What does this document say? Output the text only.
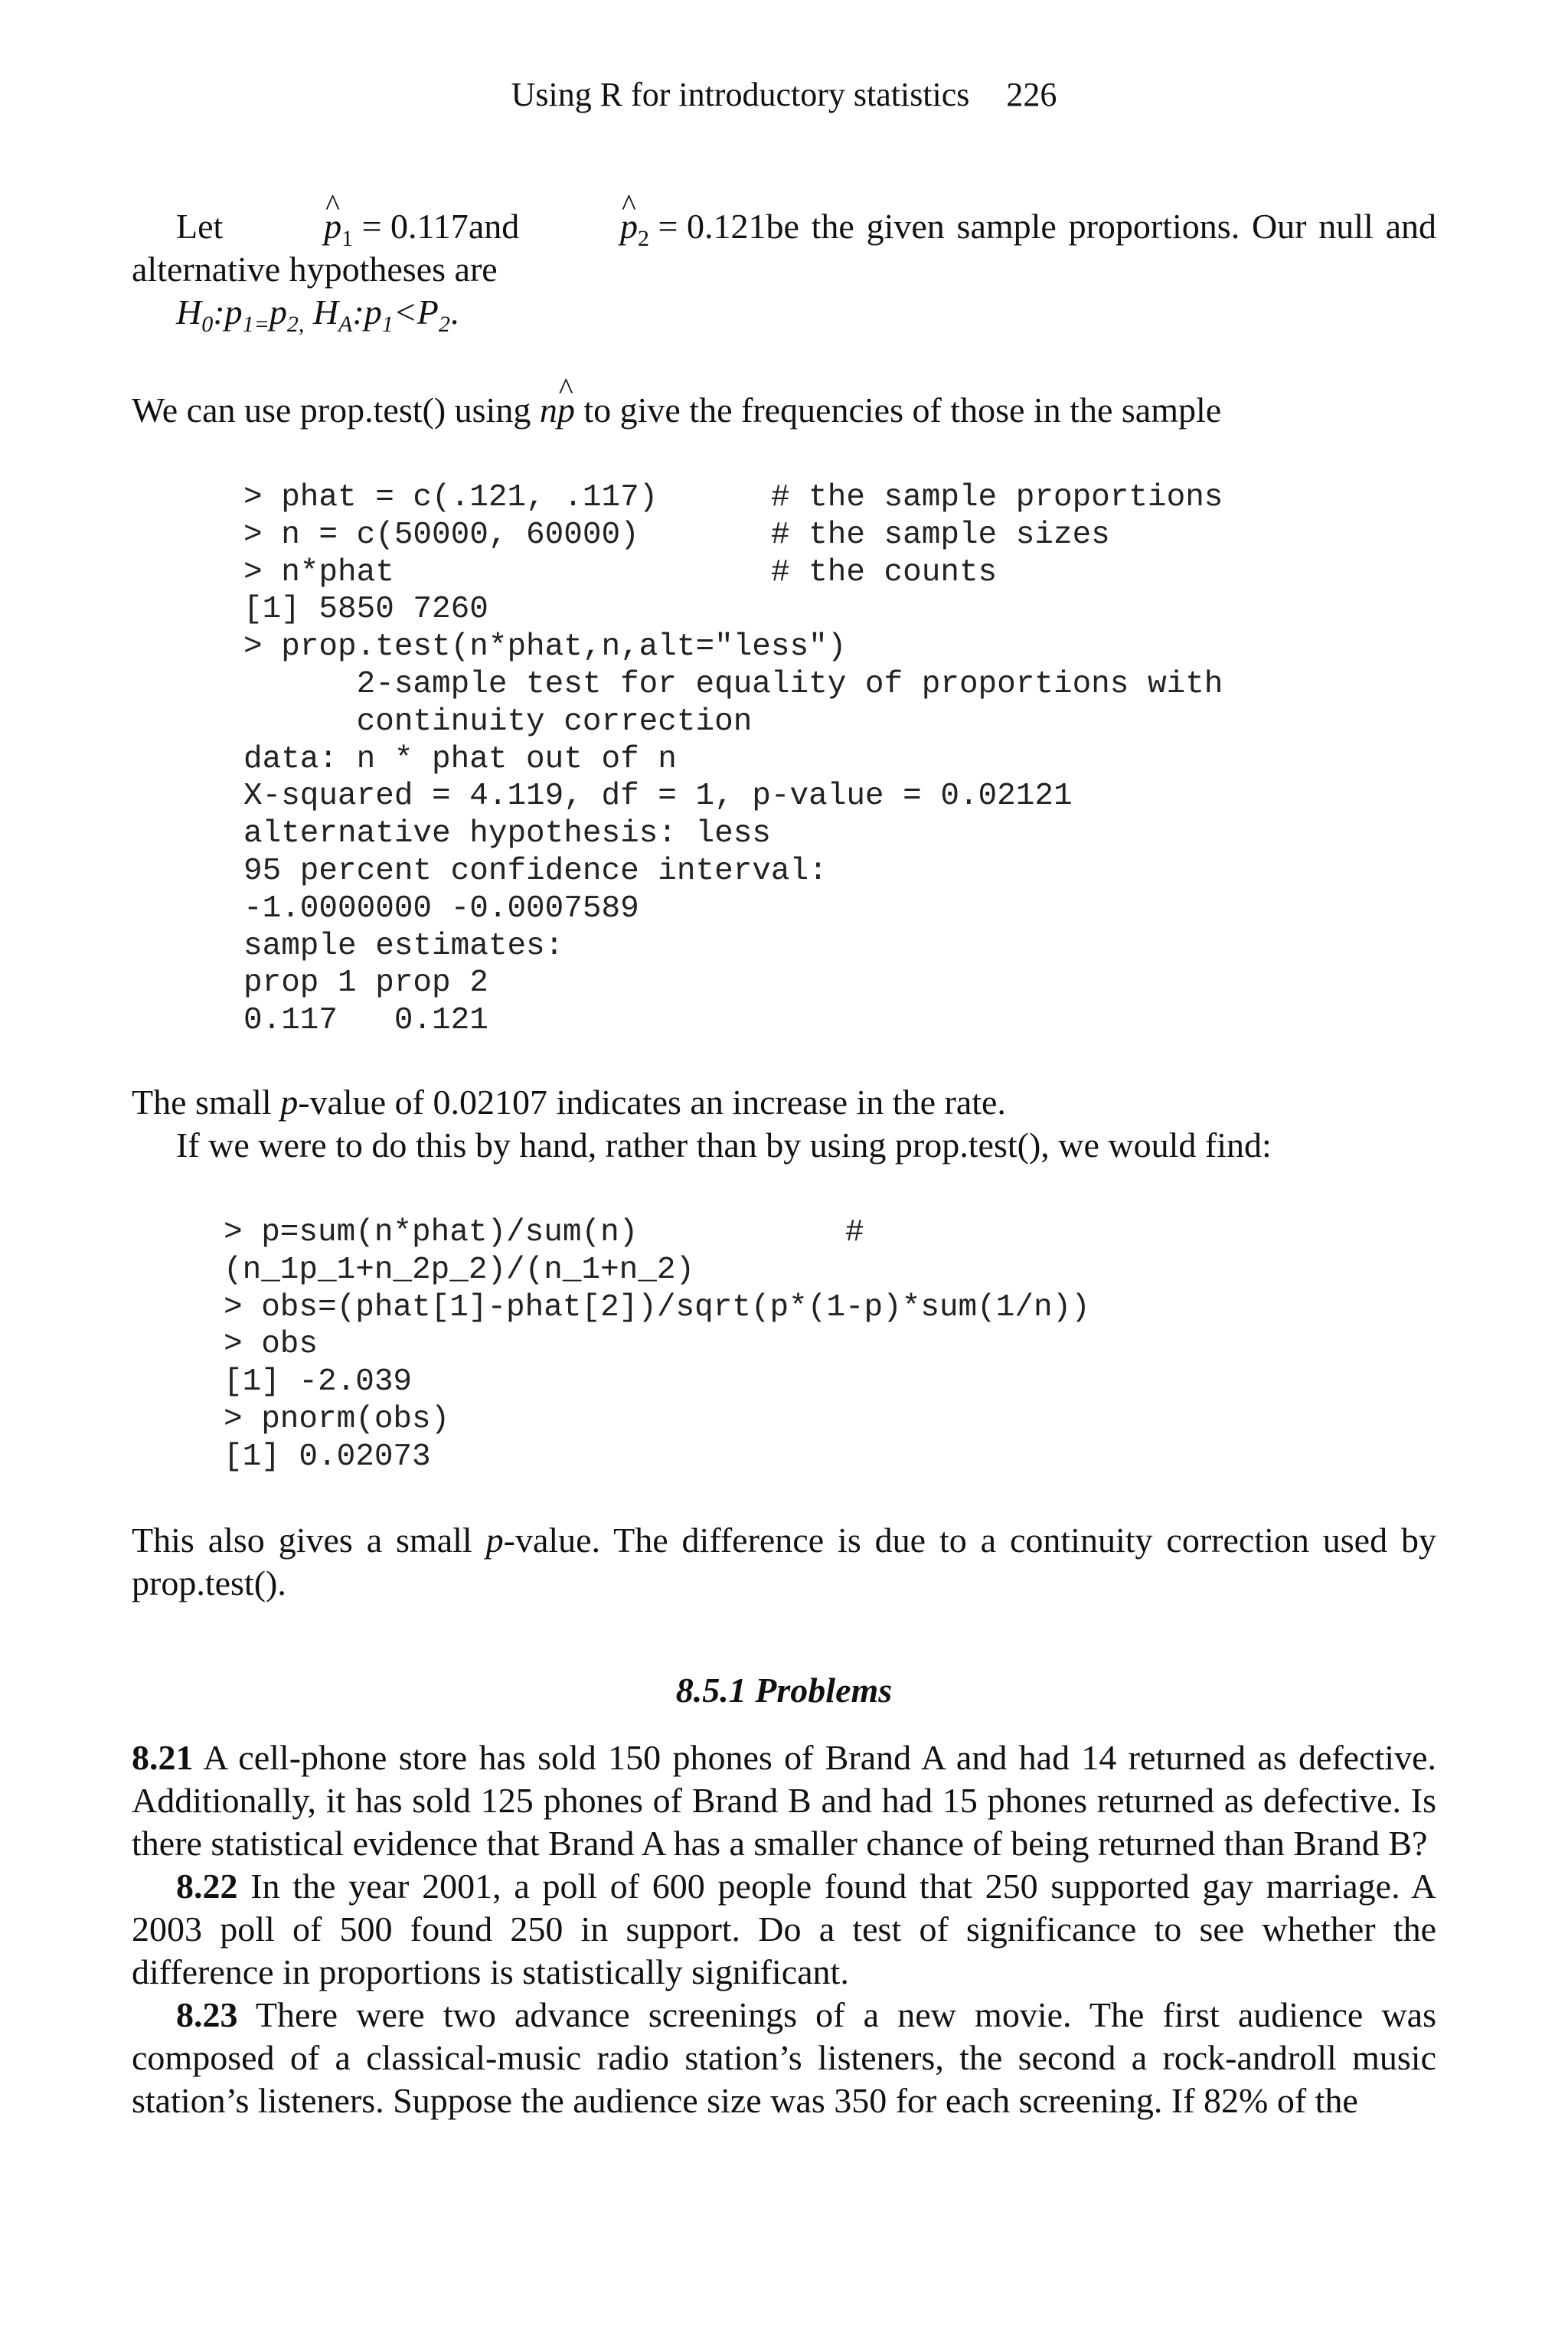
Using R for introductory statistics 226

Let	^ $p_1 = 0.117and$	^ $p_2 = 0.121be$ the given sample proportions. Our null and alternative hypotheses are

$H_0:p_{1=}p_{2,}$ $H_A:p_1<P_2$.

We can use prop.test() using n^ p to give the frequencies of those in the sample

> phat = c(.121, .117)      # the sample proportions
> n = c(50000, 60000)       # the sample sizes
> n*phat                    # the counts
[1] 5850 7260
> prop.test(n*phat,n,alt="less")
2-sample test for equality of proportions with
continuity correction
data: n * phat out of n
X-squared = 4.119, df = 1, p-value = 0.02121
alternative hypothesis: less
95 percent confidence interval:
-1.0000000 -0.0007589
sample estimates:
prop 1 prop 2
0.117   0.121

The small p-value of 0.02107 indicates an increase in the rate.

If we were to do this by hand, rather than by using prop.test(), we would find:

> p=sum(n*phat)/sum(n)           #
(n_1p_1+n_2p_2)/(n_1+n_2)
> obs=(phat[1]-phat[2])/sqrt(p*(1-p)*sum(1/n))
> obs
[1] -2.039
> pnorm(obs)
[1] 0.02073

This also gives a small p-value. The difference is due to a continuity correction used by prop.test().

8.5.1 Problems

8.21 A cell-phone store has sold 150 phones of Brand A and had 14 returned as defective. Additionally, it has sold 125 phones of Brand B and had 15 phones returned as defective. Is there statistical evidence that Brand A has a smaller chance of being returned than Brand B?

8.22 In the year 2001, a poll of 600 people found that 250 supported gay marriage. A 2003 poll of 500 found 250 in support. Do a test of significance to see whether the difference in proportions is statistically significant.

8.23 There were two advance screenings of a new movie. The first audience was composed of a classical-music radio station’s listeners, the second a rock-androll music station’s listeners. Suppose the audience size was 350 for each screening. If 82% of the
